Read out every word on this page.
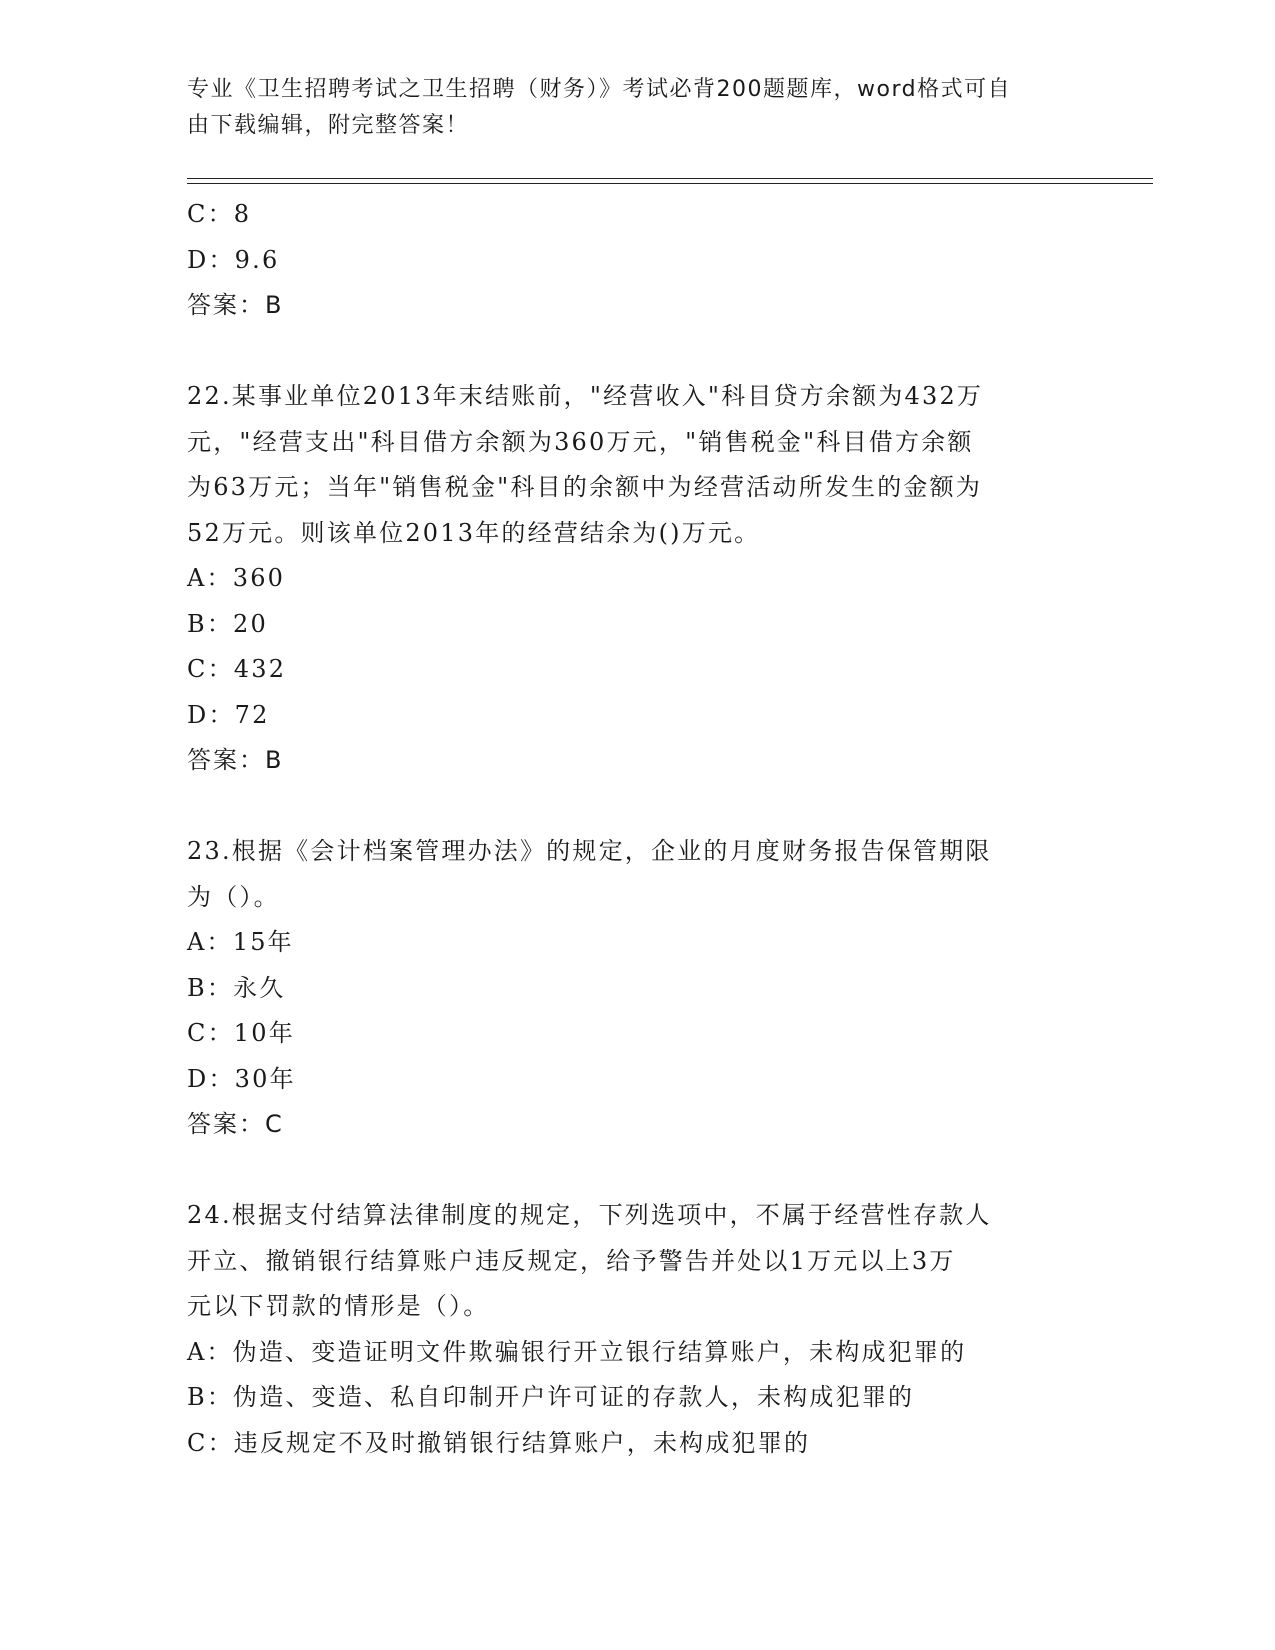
专业《卫生招聘考试之卫生招聘（财务）》考试必背200题题库，word格式可自
由下载编辑，附完整答案！
C：8
D：9.6
答案：B
22.某事业单位2013年末结账前，"经营收入"科目贷方余额为432万
元，"经营支出"科目借方余额为360万元，"销售税金"科目借方余额
为63万元；当年"销售税金"科目的余额中为经营活动所发生的金额为
52万元。则该单位2013年的经营结余为()万元。
A：360
B：20
C：432
D：72
答案：B
23.根据《会计档案管理办法》的规定，企业的月度财务报告保管期限
为（）。
A：15年
B：永久
C：10年
D：30年
答案：C
24.根据支付结算法律制度的规定，下列选项中，不属于经营性存款人
开立、撤销银行结算账户违反规定，给予警告并处以1万元以上3万
元以下罚款的情形是（）。
A：伪造、变造证明文件欺骗银行开立银行结算账户，未构成犯罪的
B：伪造、变造、私自印制开户许可证的存款人，未构成犯罪的
C：违反规定不及时撤销银行结算账户，未构成犯罪的
